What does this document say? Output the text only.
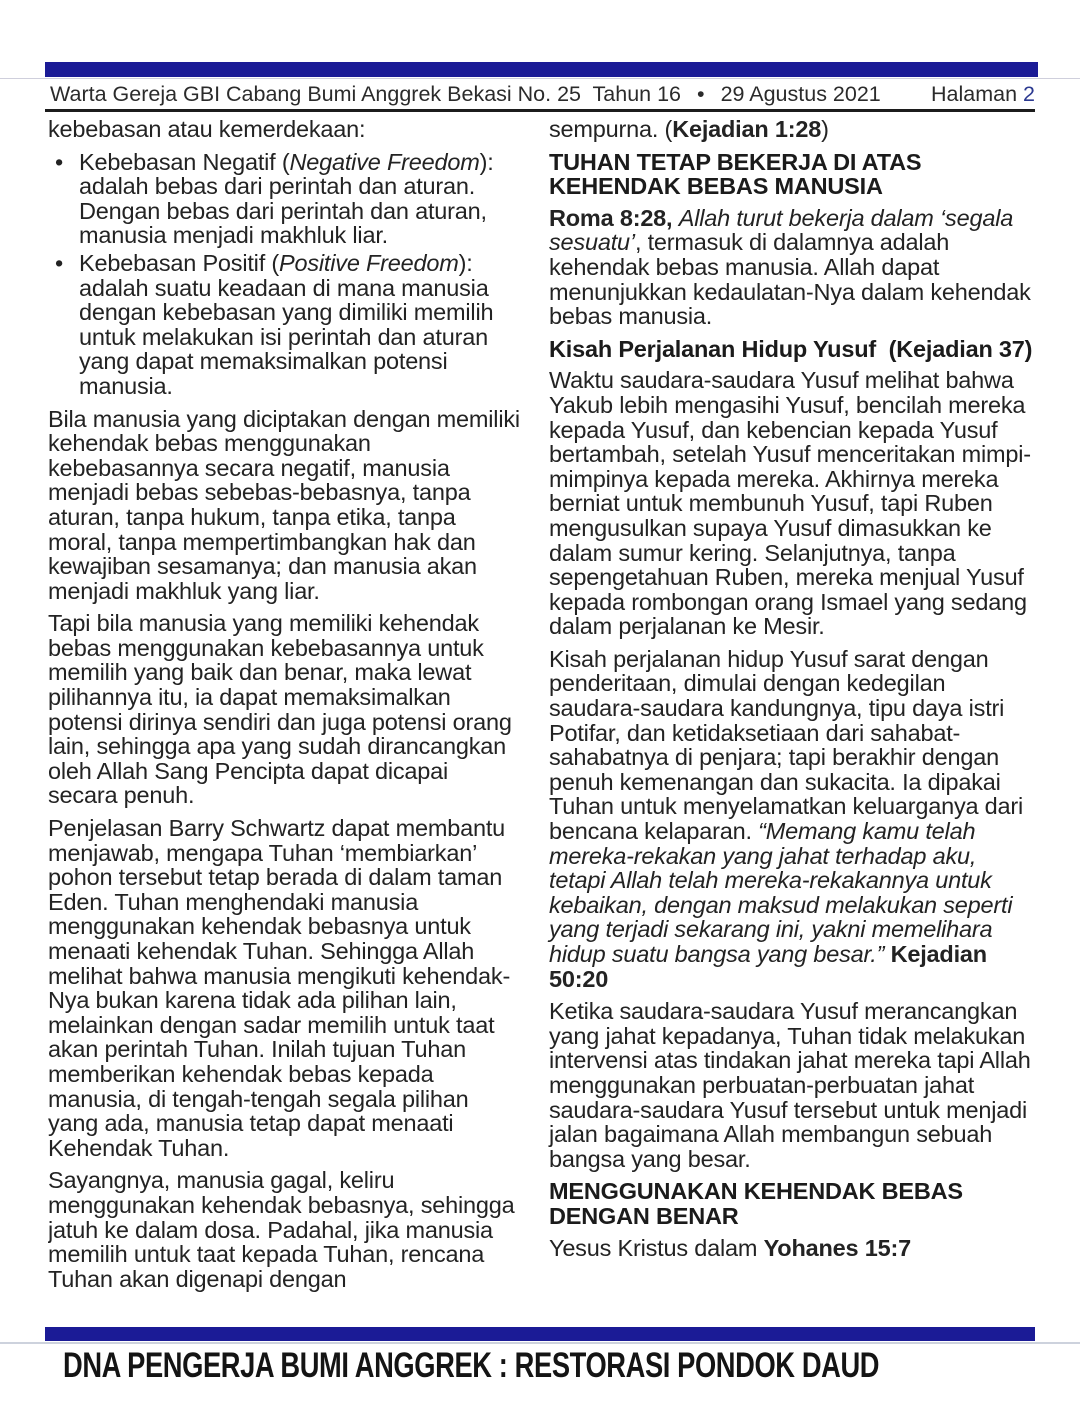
Warta Gereja GBI Cabang Bumi Anggrek Bekasi No. 25  Tahun 16 • 29 Agustus 2021 Halaman 2
kebebasan atau kemerdekaan:
• Kebebasan Negatif (Negative Freedom): adalah bebas dari perintah dan aturan. Dengan bebas dari perintah dan aturan, manusia menjadi makhluk liar.
• Kebebasan Positif (Positive Freedom): adalah suatu keadaan di mana manusia dengan kebebasan yang dimiliki memilih untuk melakukan isi perintah dan aturan yang dapat memaksimalkan potensi manusia.
Bila manusia yang diciptakan dengan memiliki kehendak bebas menggunakan kebebasannya secara negatif, manusia menjadi bebas sebebas-bebasnya, tanpa aturan, tanpa hukum, tanpa etika, tanpa moral, tanpa mempertimbangkan hak dan kewajiban sesamanya; dan manusia akan menjadi makhluk yang liar.
Tapi bila manusia yang memiliki kehendak bebas menggunakan kebebasannya untuk memilih yang baik dan benar, maka lewat pilihannya itu, ia dapat memaksimalkan potensi dirinya sendiri dan juga potensi orang lain, sehingga apa yang sudah dirancangkan oleh Allah Sang Pencipta dapat dicapai secara penuh.
Penjelasan Barry Schwartz dapat membantu menjawab, mengapa Tuhan ‘membiarkan’ pohon tersebut tetap berada di dalam taman Eden. Tuhan menghendaki manusia menggunakan kehendak bebasnya untuk menaati kehendak Tuhan. Sehingga Allah melihat bahwa manusia mengikuti kehendak-Nya bukan karena tidak ada pilihan lain, melainkan dengan sadar memilih untuk taat akan perintah Tuhan. Inilah tujuan Tuhan memberikan kehendak bebas kepada manusia, di tengah-tengah segala pilihan yang ada, manusia tetap dapat menaati Kehendak Tuhan.
Sayangnya, manusia gagal, keliru menggunakan kehendak bebasnya, sehingga jatuh ke dalam dosa. Padahal, jika manusia memilih untuk taat kepada Tuhan, rencana Tuhan akan digenapi dengan
sempurna. (Kejadian 1:28)
TUHAN TETAP BEKERJA DI ATAS KEHENDAK BEBAS MANUSIA
Roma 8:28, Allah turut bekerja dalam ‘segala sesuatu’, termasuk di dalamnya adalah kehendak bebas manusia. Allah dapat menunjukkan kedaulatan-Nya dalam kehendak bebas manusia.
Kisah Perjalanan Hidup Yusuf  (Kejadian 37)
Waktu saudara-saudara Yusuf melihat bahwa Yakub lebih mengasihi Yusuf, bencilah mereka kepada Yusuf, dan kebencian kepada Yusuf bertambah, setelah Yusuf menceritakan mimpi-mimpinya kepada mereka. Akhirnya mereka berniat untuk membunuh Yusuf, tapi Ruben mengusulkan supaya Yusuf dimasukkan ke dalam sumur kering. Selanjutnya, tanpa sepengetahuan Ruben, mereka menjual Yusuf kepada rombongan orang Ismael yang sedang dalam perjalanan ke Mesir.
Kisah perjalanan hidup Yusuf sarat dengan penderitaan, dimulai dengan kedegilan saudara-saudara kandungnya, tipu daya istri Potifar, dan ketidaksetiaan dari sahabat-sahabatnya di penjara; tapi berakhir dengan penuh kemenangan dan sukacita. Ia dipakai Tuhan untuk menyelamatkan keluarganya dari bencana kelaparan. “Memang kamu telah mereka-rekakan yang jahat terhadap aku, tetapi Allah telah mereka-rekakannya untuk kebaikan, dengan maksud melakukan seperti yang terjadi sekarang ini, yakni memelihara hidup suatu bangsa yang besar.” Kejadian 50:20
Ketika saudara-saudara Yusuf merancangkan yang jahat kepadanya, Tuhan tidak melakukan intervensi atas tindakan jahat mereka tapi Allah menggunakan perbuatan-perbuatan jahat saudara-saudara Yusuf tersebut untuk menjadi jalan bagaimana Allah membangun sebuah bangsa yang besar.
MENGGUNAKAN KEHENDAK BEBAS DENGAN BENAR
Yesus Kristus dalam Yohanes 15:7
DNA PENGERJA BUMI ANGGREK : RESTORASI PONDOK DAUD
